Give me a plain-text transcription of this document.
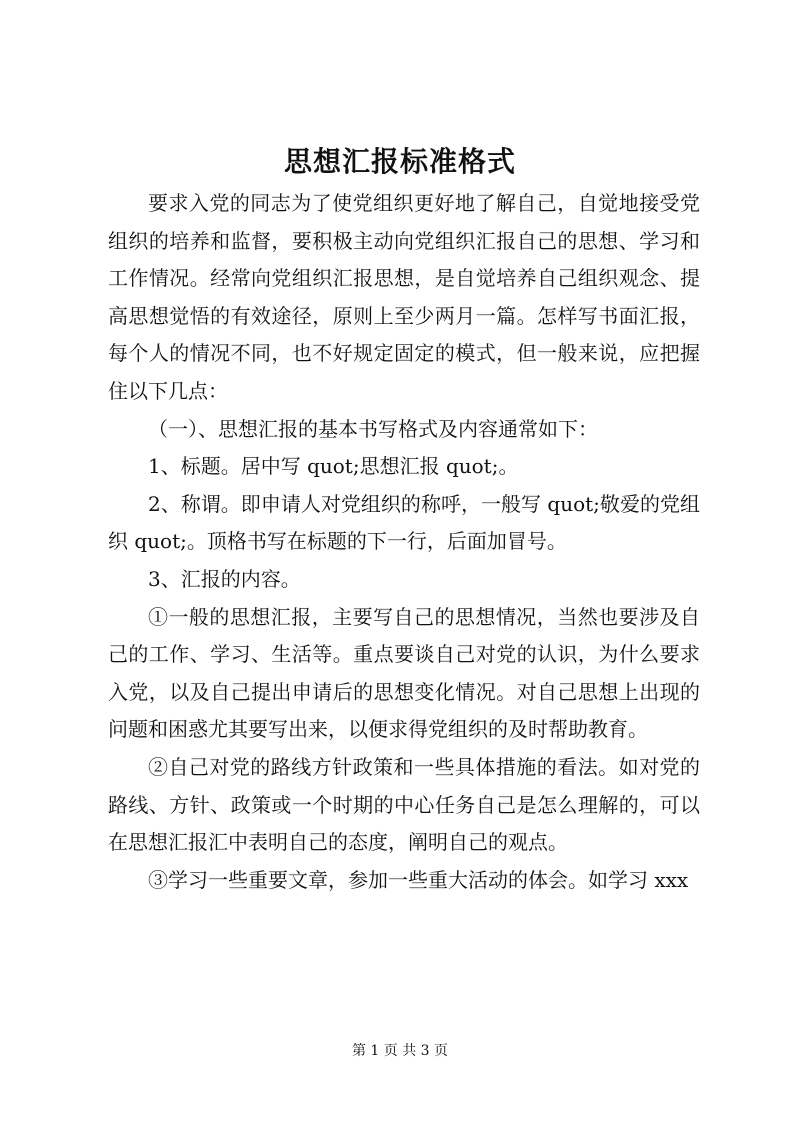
思想汇报标准格式

要求入党的同志为了使党组织更好地了解自己，自觉地接受党组织的培养和监督，要积极主动向党组织汇报自己的思想、学习和工作情况。经常向党组织汇报思想，是自觉培养自己组织观念、提高思想觉悟的有效途径，原则上至少两月一篇。怎样写书面汇报，每个人的情况不同，也不好规定固定的模式，但一般来说，应把握住以下几点：

（一）、思想汇报的基本书写格式及内容通常如下：

1、标题。居中写 quot;思想汇报 quot;。

2、称谓。即申请人对党组织的称呼，一般写 quot;敬爱的党组织 quot;。顶格书写在标题的下一行，后面加冒号。

3、汇报的内容。

①一般的思想汇报，主要写自己的思想情况，当然也要涉及自己的工作、学习、生活等。重点要谈自己对党的认识，为什么要求入党，以及自己提出申请后的思想变化情况。对自己思想上出现的问题和困惑尤其要写出来，以便求得党组织的及时帮助教育。

②自己对党的路线方针政策和一些具体措施的看法。如对党的路线、方针、政策或一个时期的中心任务自己是怎么理解的，可以在思想汇报汇中表明自己的态度，阐明自己的观点。

③学习一些重要文章，参加一些重大活动的体会。如学习 xxx

第 1 页 共 3 页
